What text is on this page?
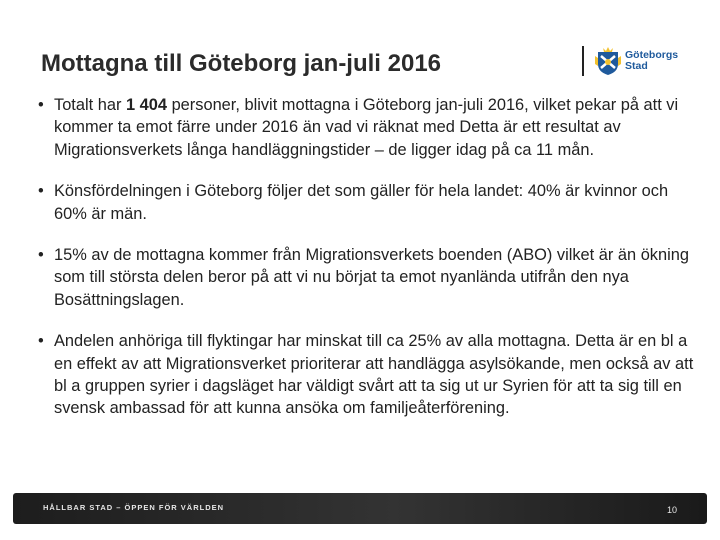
Mottagna till Göteborg jan-juli 2016	Göteborgs
Stad
• Totalt har 1 404 personer, blivit mottagna i Göteborg jan-juli 2016, vilket pekar på att vi kommer ta emot färre under 2016 än vad vi räknat med Detta är ett resultat av Migrationsverkets långa handläggningstider – de ligger idag på ca 11 mån.
• Könsfördelningen i Göteborg följer det som gäller för hela landet: 40% är kvinnor och 60% är män.
• 15% av de mottagna kommer från Migrationsverkets boenden (ABO) vilket är än ökning som till största delen beror på att vi nu börjat ta emot nyanlända utifrån den nya Bosättningslagen.
• Andelen anhöriga till flyktingar har minskat till ca 25% av alla mottagna. Detta är en bl a en effekt av att Migrationsverket prioriterar att handlägga asylsökande, men också av att bl a gruppen syrier i dagsläget har väldigt svårt att ta sig ut ur Syrien för att ta sig till en svensk ambassad för att kunna ansöka om familjeåterförening.
HÅLLBAR STAD – ÖPPEN FÖR VÄRLDEN	10
